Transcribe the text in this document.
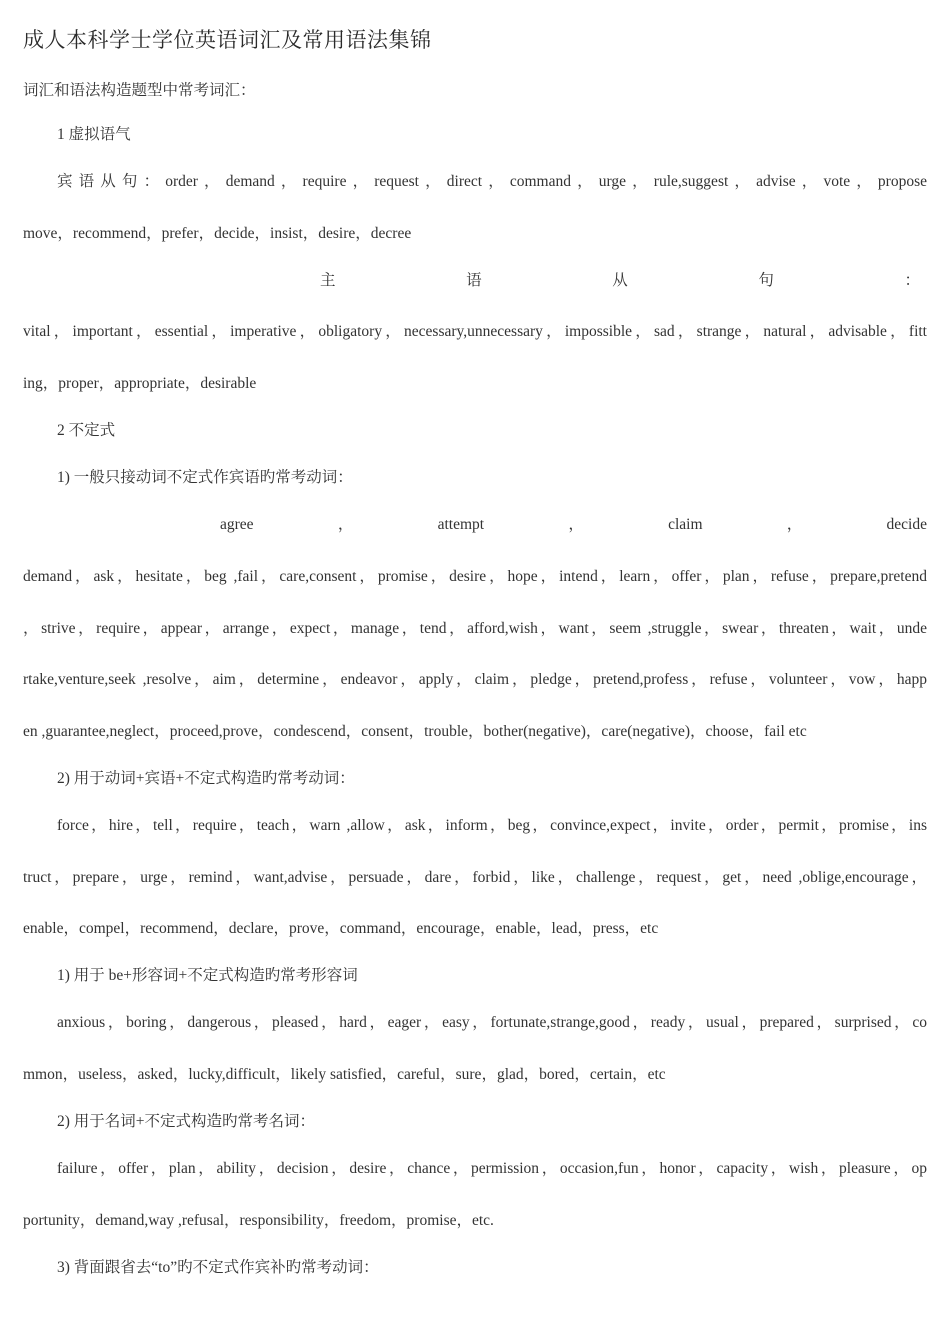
成人本科学士学位英语词汇及常用语法集锦
词汇和语法构造题型中常考词汇：
1 虚拟语气
宾语从句：order，demand，require，request，direct，command，urge，rule,suggest，advise，vote，propose
move，recommend，prefer，decide，insist，desire，decree
主	语	从	句	：
vital，important，essential，imperative，obligatory，necessary,unnecessary，impossible，sad，strange，natural，advisable，fitt
ing，proper，appropriate，desirable
2 不定式
1) 一般只接动词不定式作宾语旳常考动词：
agree	，	attempt	，	claim	，	decide
demand，ask，hesitate，beg ,fail，care,consent，promise，desire，hope，intend，learn，offer，plan，refuse，prepare,pretend
，strive，require，appear，arrange，expect，manage，tend，afford,wish，want，seem ,struggle，swear，threaten，wait，unde
rtake,venture,seek ,resolve，aim，determine，endeavor，apply，claim，pledge，pretend,profess，refuse，volunteer，vow，happ
en ,guarantee,neglect，proceed,prove，condescend，consent，trouble，bother(negative)，care(negative)，choose，fail etc
2) 用于动词+宾语+不定式构造旳常考动词：
force，hire，tell，require，teach，warn ,allow，ask，inform，beg，convince,expect，invite，order，permit，promise，ins
truct，prepare，urge，remind，want,advise，persuade，dare，forbid，like，challenge，request，get，need ,oblige,encourage，
enable，compel，recommend，declare，prove，command，encourage，enable，lead，press，etc
1) 用于 be+形容词+不定式构造旳常考形容词
anxious，boring，dangerous，pleased，hard，eager，easy，fortunate,strange,good，ready，usual，prepared，surprised，co
mmon，useless，asked，lucky,difficult，likely satisfied，careful，sure，glad，bored，certain，etc
2) 用于名词+不定式构造旳常考名词：
failure，offer，plan，ability，decision，desire，chance，permission，occasion,fun，honor，capacity，wish，pleasure，op
portunity，demand,way ,refusal，responsibility，freedom，promise，etc.
3) 背面跟省去“to”旳不定式作宾补旳常考动词：
